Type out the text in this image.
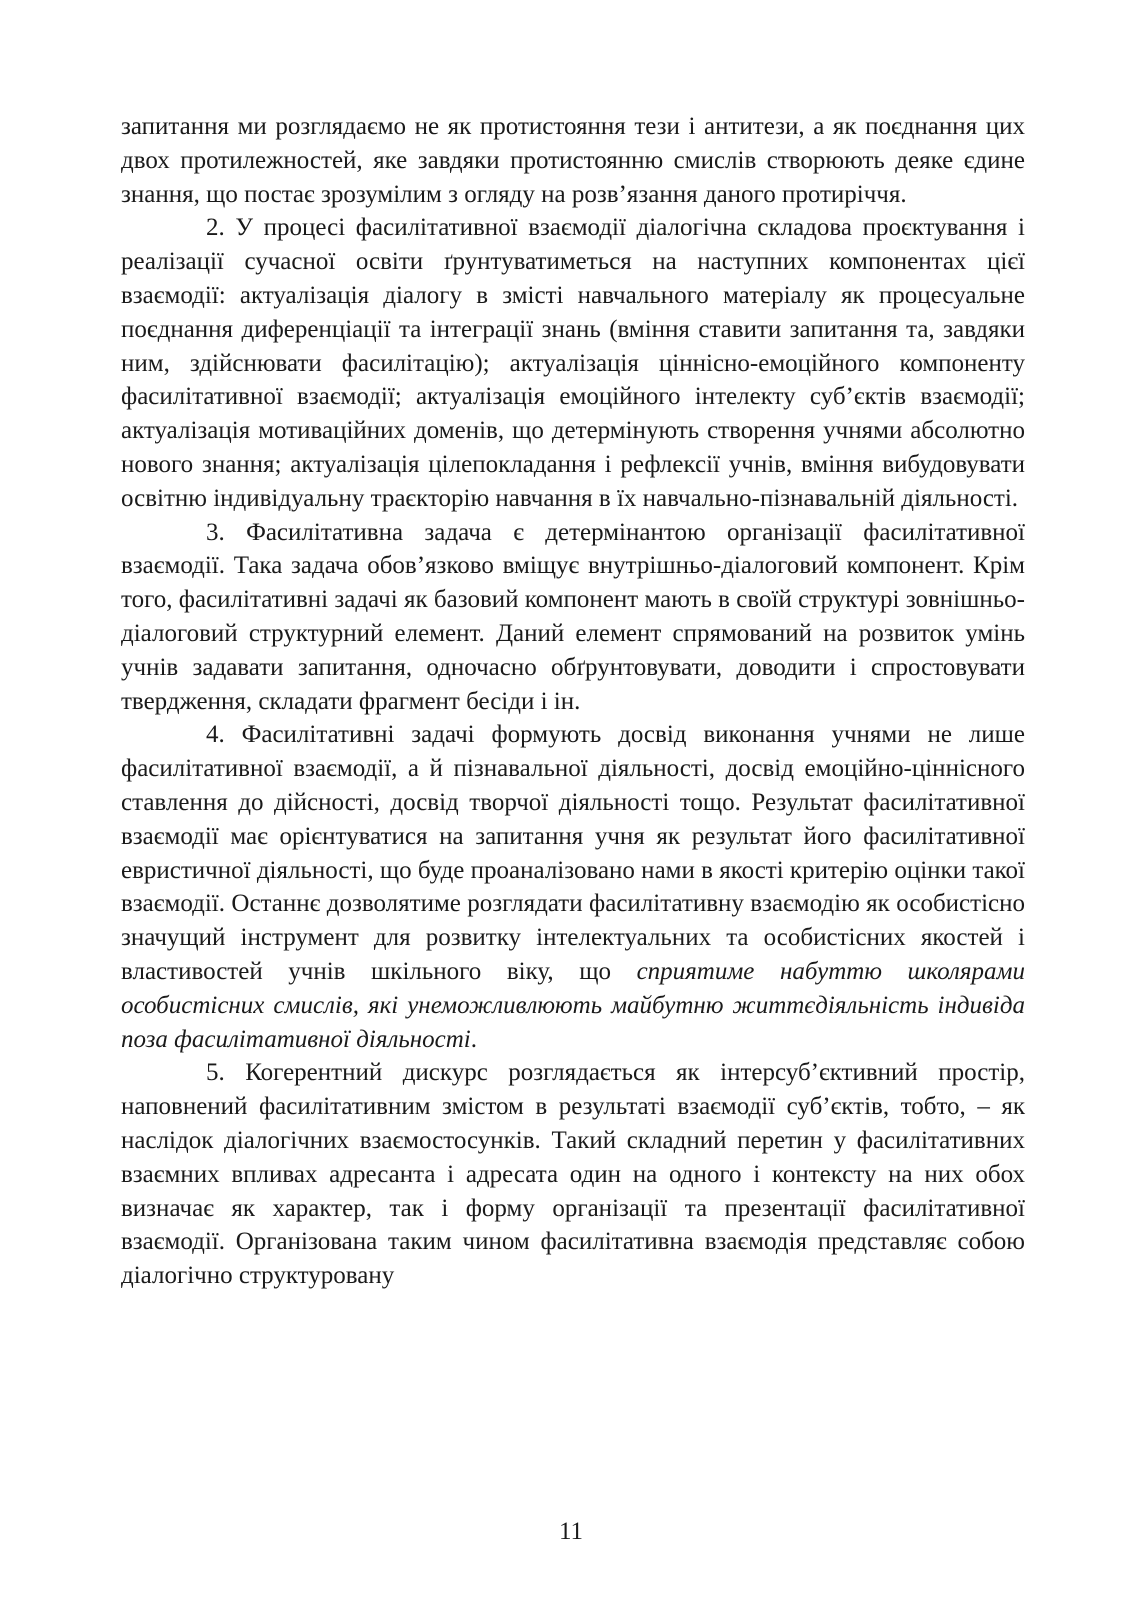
запитання ми розглядаємо не як протистояння тези і антитези, а як поєднання цих двох протилежностей, яке завдяки протистоянню смислів створюють деяке єдине знання, що постає зрозумілим з огляду на розв’язання даного протиріччя.

2. У процесі фасилітативної взаємодії діалогічна складова проєктування і реалізації сучасної освіти ґрунтуватиметься на наступних компонентах цієї взаємодії: актуалізація діалогу в змісті навчального матеріалу як процесуальне поєднання диференціації та інтеграції знань (вміння ставити запитання та, завдяки ним, здійснювати фасилітацію); актуалізація ціннісно-емоційного компоненту фасилітативної взаємодії; актуалізація емоційного інтелекту суб’єктів взаємодії; актуалізація мотиваційних доменів, що детермінують створення учнями абсолютно нового знання; актуалізація цілепокладання і рефлексії учнів, вміння вибудовувати освітню індивідуальну траєкторію навчання в їх навчально-пізнавальній діяльності.

3. Фасилітативна задача є детермінантою організації фасилітативної взаємодії. Така задача обов’язково вміщує внутрішньо-діалоговий компонент. Крім того, фасилітативні задачі як базовий компонент мають в своїй структурі зовнішньо-діалоговий структурний елемент. Даний елемент спрямований на розвиток умінь учнів задавати запитання, одночасно обґрунтовувати, доводити і спростовувати твердження, складати фрагмент бесіди і ін.

4. Фасилітативні задачі формують досвід виконання учнями не лише фасилітативної взаємодії, а й пізнавальної діяльності, досвід емоційно-ціннісного ставлення до дійсності, досвід творчої діяльності тощо. Результат фасилітативної взаємодії має орієнтуватися на запитання учня як результат його фасилітативної евристичної діяльності, що буде проаналізовано нами в якості критерію оцінки такої взаємодії. Останнє дозволятиме розглядати фасилітативну взаємодію як особистісно значущий інструмент для розвитку інтелектуальних та особистісних якостей і властивостей учнів шкільного віку, що сприятиме набуттю школярами особистісних смислів, які унеможливлюють майбутню життєдіяльність індивіда поза фасилітативної діяльності.

5. Когерентний дискурс розглядається як інтерсуб’єктивний простір, наповнений фасилітативним змістом в результаті взаємодії суб’єктів, тобто, – як наслідок діалогічних взаємостосунків. Такий складний перетин у фасилітативних взаємних впливах адресанта і адресата один на одного і контексту на них обох визначає як характер, так і форму організації та презентації фасилітативної взаємодії. Організована таким чином фасилітативна взаємодія представляє собою діалогічно структуровану

11
